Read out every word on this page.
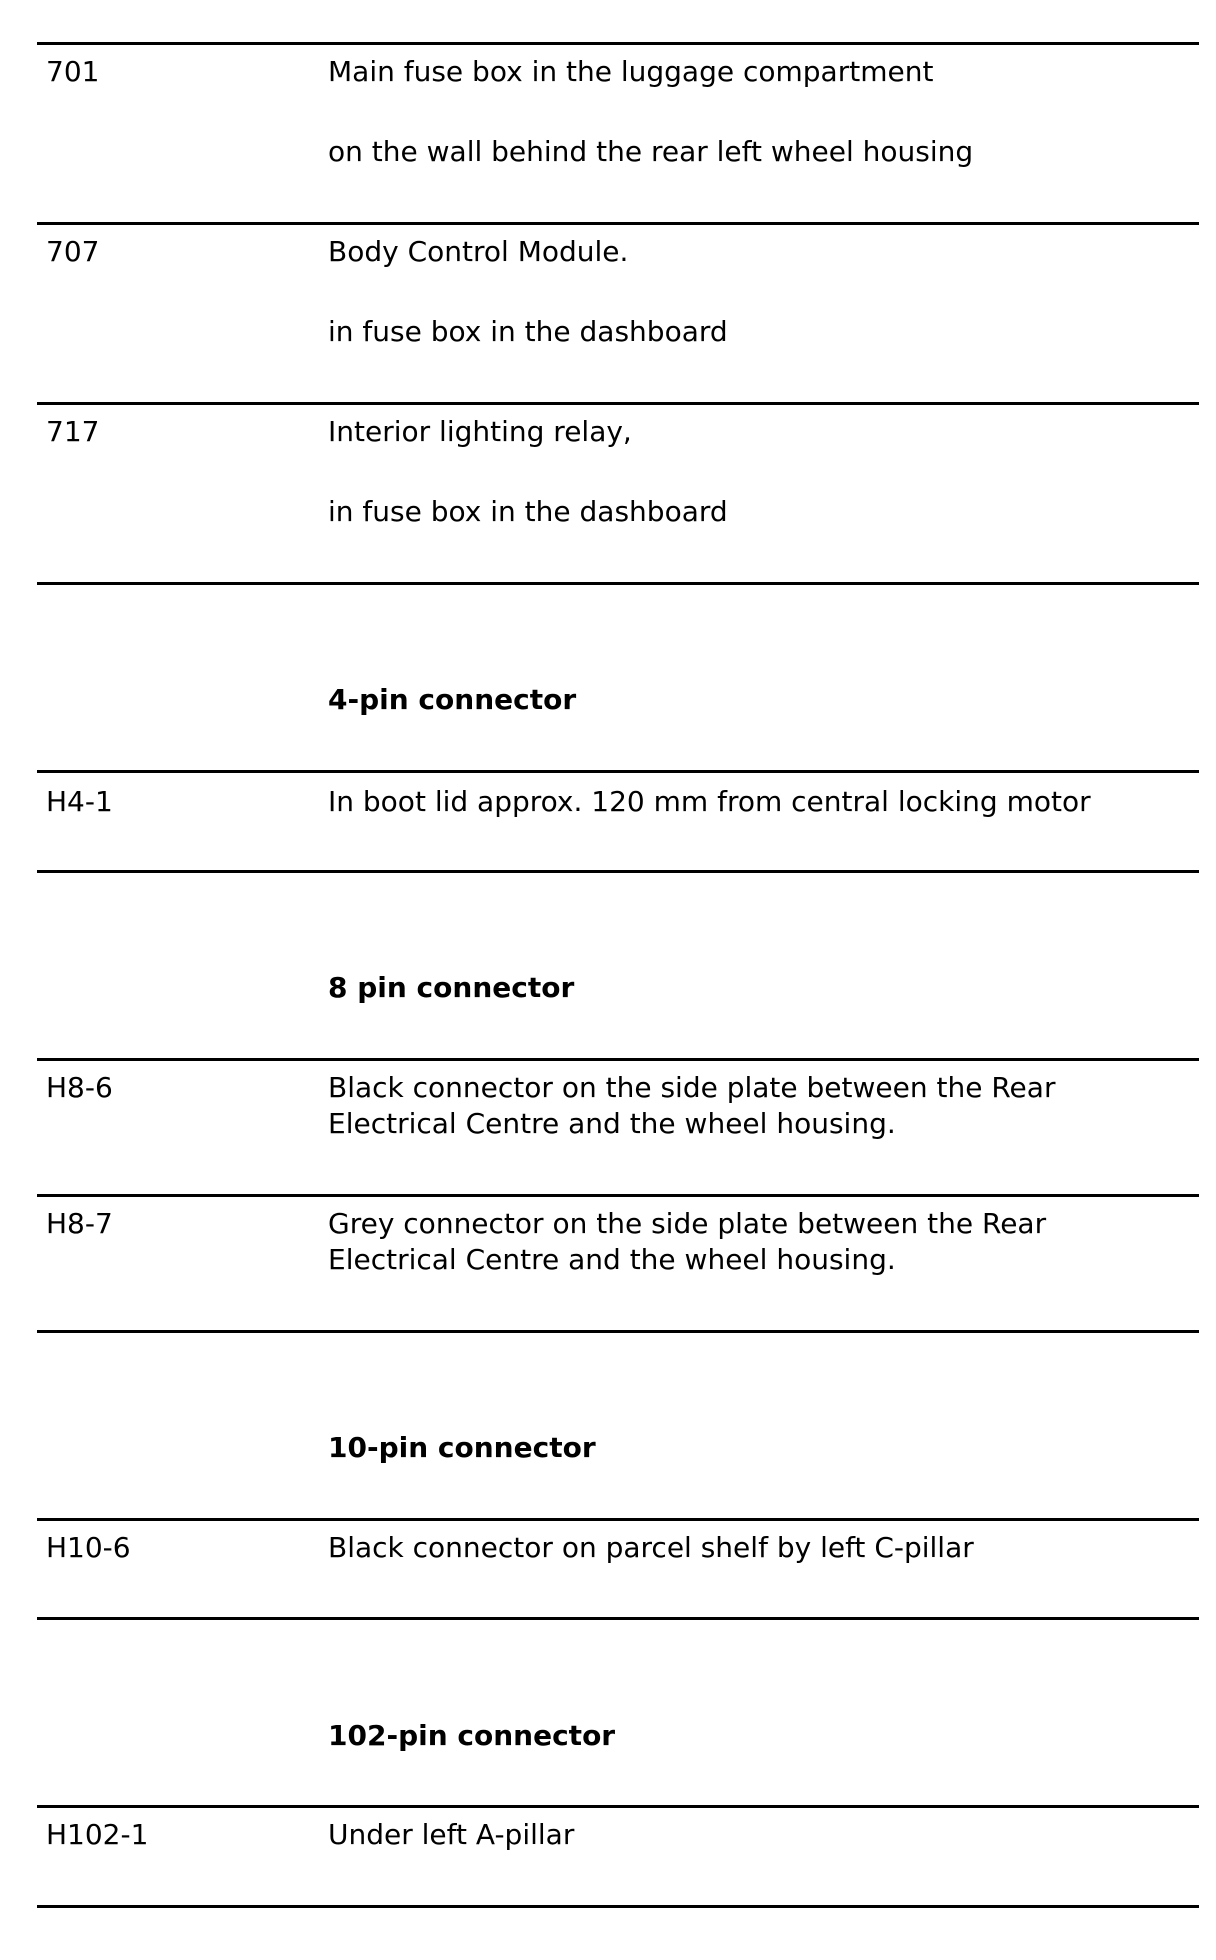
701	Main fuse box in the luggage compartment
on the wall behind the rear left wheel housing
707	Body Control Module.
in fuse box in the dashboard
717	Interior lighting relay,
in fuse box in the dashboard
4-pin connector
H4-1	In boot lid approx. 120 mm from central locking motor
8 pin connector
H8-6	Black connector on the side plate between the Rear
Electrical Centre and the wheel housing.
H8-7	Grey connector on the side plate between the Rear
Electrical Centre and the wheel housing.
10-pin connector
H10-6	Black connector on parcel shelf by left C-pillar
102-pin connector
H102-1	Under left A-pillar
